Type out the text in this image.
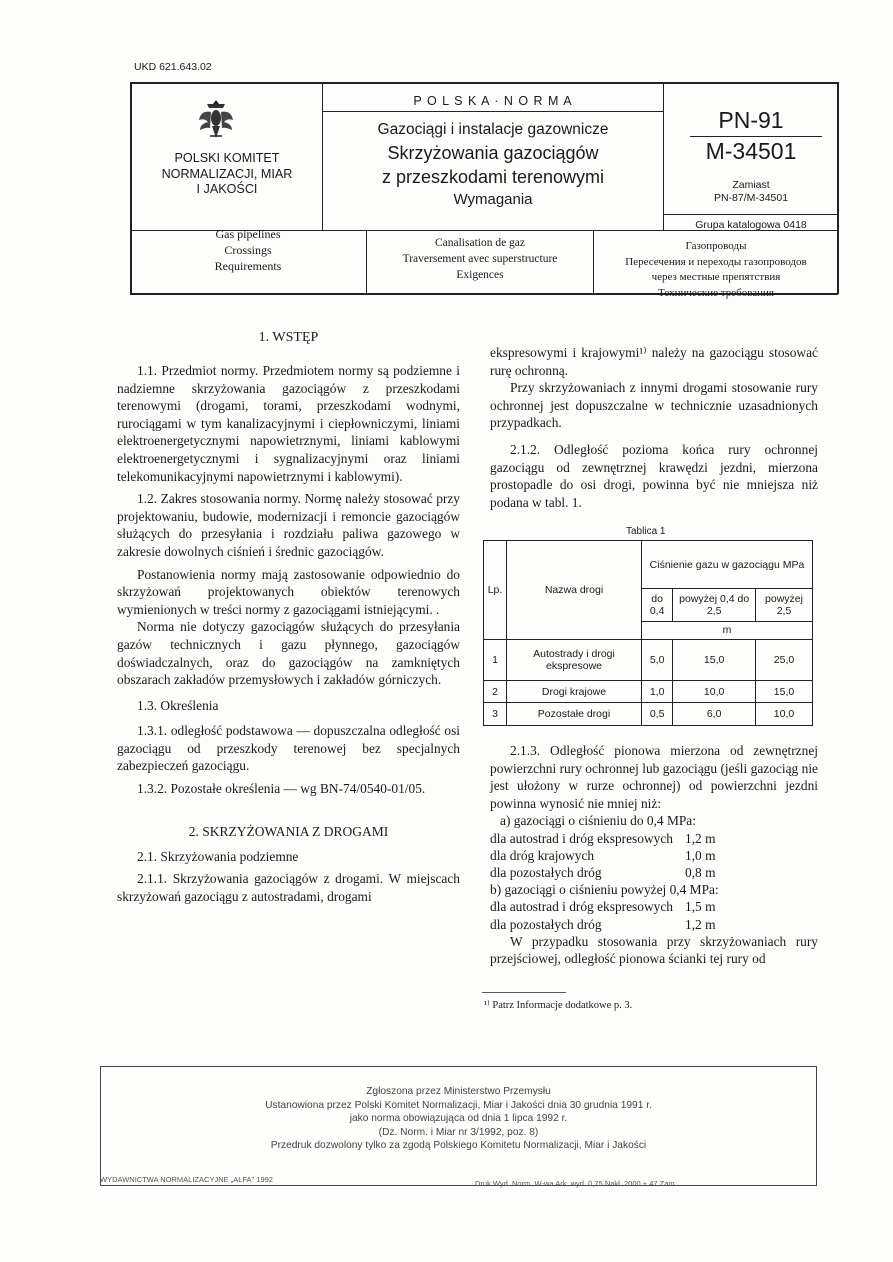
UKD 621.643.02
POLSKI KOMITET
NORMALIZACJI, MIAR
I JAKOŚCI
P O L S K A · N O R M A
Gazociągi i instalacje gazownicze
Skrzyżowania gazociągów
z przeszkodami terenowymi
Wymagania
PN-91
M-34501
Zamiast
PN-87/M-34501
Grupa katalogowa 0418
Gas pipelines
Crossings
Requirements
Canalisation de gaz
Traversement avec superstructure
Exigences
Газопроводы
Пересечения и переходы газопроводов
через местные препятствия
Технические требования
1. WSTĘP

1.1. Przedmiot normy. Przedmiotem normy są podziemne i nadziemne skrzyżowania gazociągów z przeszkodami terenowymi (drogami, torami, przeszkodami wodnymi, rurociągami w tym kanalizacyjnymi i ciepłowniczymi, liniami elektroenergetycznymi napowietrznymi, liniami kablowymi elektroenergetycznymi i sygnalizacyjnymi oraz liniami telekomunikacyjnymi napowietrznymi i kablowymi).

1.2. Zakres stosowania normy. Normę należy stosować przy projektowaniu, budowie, modernizacji i remoncie gazociągów służących do przesyłania i rozdziału paliwa gazowego w zakresie dowolnych ciśnień i średnic gazociągów.

Postanowienia normy mają zastosowanie odpowiednio do skrzyżowań projektowanych obiektów terenowych wymienionych w treści normy z gazociągami istniejącymi. .

Norma nie dotyczy gazociągów służących do przesyłania gazów technicznych i gazu płynnego, gazociągów doświadczalnych, oraz do gazociągów na zamkniętych obszarach zakładów przemysłowych i zakładów górniczych.

1.3. Określenia

1.3.1. odległość podstawowa — dopuszczalna odległość osi gazociągu od przeszkody terenowej bez specjalnych zabezpieczeń gazociągu.

1.3.2. Pozostałe określenia — wg BN-74/0540-01/05.

2. SKRZYŻOWANIA Z DROGAMI

2.1. Skrzyżowania podziemne

2.1.1. Skrzyżowania gazociągów z drogami. W miejscach skrzyżowań gazociągu z autostradami, drogami

ekspresowymi i krajowymi¹⁾ należy na gazociągu stosować rurę ochronną.

Przy skrzyżowaniach z innymi drogami stosowanie rury ochronnej jest dopuszczalne w technicznie uzasadnionych przypadkach.

2.1.2. Odległość pozioma końca rury ochronnej gazociągu od zewnętrznej krawędzi jezdni, mierzona prostopadle do osi drogi, powinna być nie mniejsza niż podana w tabl. 1.

Tablica 1
Lp.	Nazwa drogi	Ciśnienie gazu w gazociągu MPa		
		do 0,4	powyżej 0,4 do 2,5	powyżej 2,5
		m		
1	Autostrady i drogi ekspresowe	5,0	15,0	25,0
2	Drogi krajowe	1,0	10,0	15,0
3	Pozostałe drogi	0,5	6,0	10,0

2.1.3. Odległość pionowa mierzona od zewnętrznej powierzchni rury ochronnej lub gazociągu (jeśli gazociąg nie jest ułożony w rurze ochronnej) od powierzchni jezdni powinna wynosić nie mniej niż:

a) gazociągi o ciśnieniu do 0,4 MPa:
dla autostrad i dróg ekspresowych 1,2 m
dla dróg krajowych	1,0 m
dla pozostałych dróg	0,8 m
b) gazociągi o ciśnieniu powyżej 0,4 MPa:
dla autostrad i dróg ekspresowych 1,5 m
dla pozostałych dróg	1,2 m

W przypadku stosowania przy skrzyżowaniach rury przejściowej, odległość pionowa ścianki tej rury od

¹⁾ Patrz Informacje dodatkowe p. 3.
Zgłoszona przez Ministerstwo Przemysłu
Ustanowiona przez Polski Komitet Normalizacji, Miar i Jakości dnia 30 grudnia 1991 r.
jako norma obowiązująca od dnia 1 lipca 1992 r.
(Dz. Norm. i Miar nr 3/1992, poz. 8)
Przedruk dozwolony tylko za zgodą Polskiego Komitetu Normalizacji, Miar i Jakości
WYDAWNICTWA NORMALIZACYJNE „ALFA" 1992	Druk Wyd. Norm. W-wa Ark. wyd. 0,75 Nakł. 2000 + 47 Zam.
